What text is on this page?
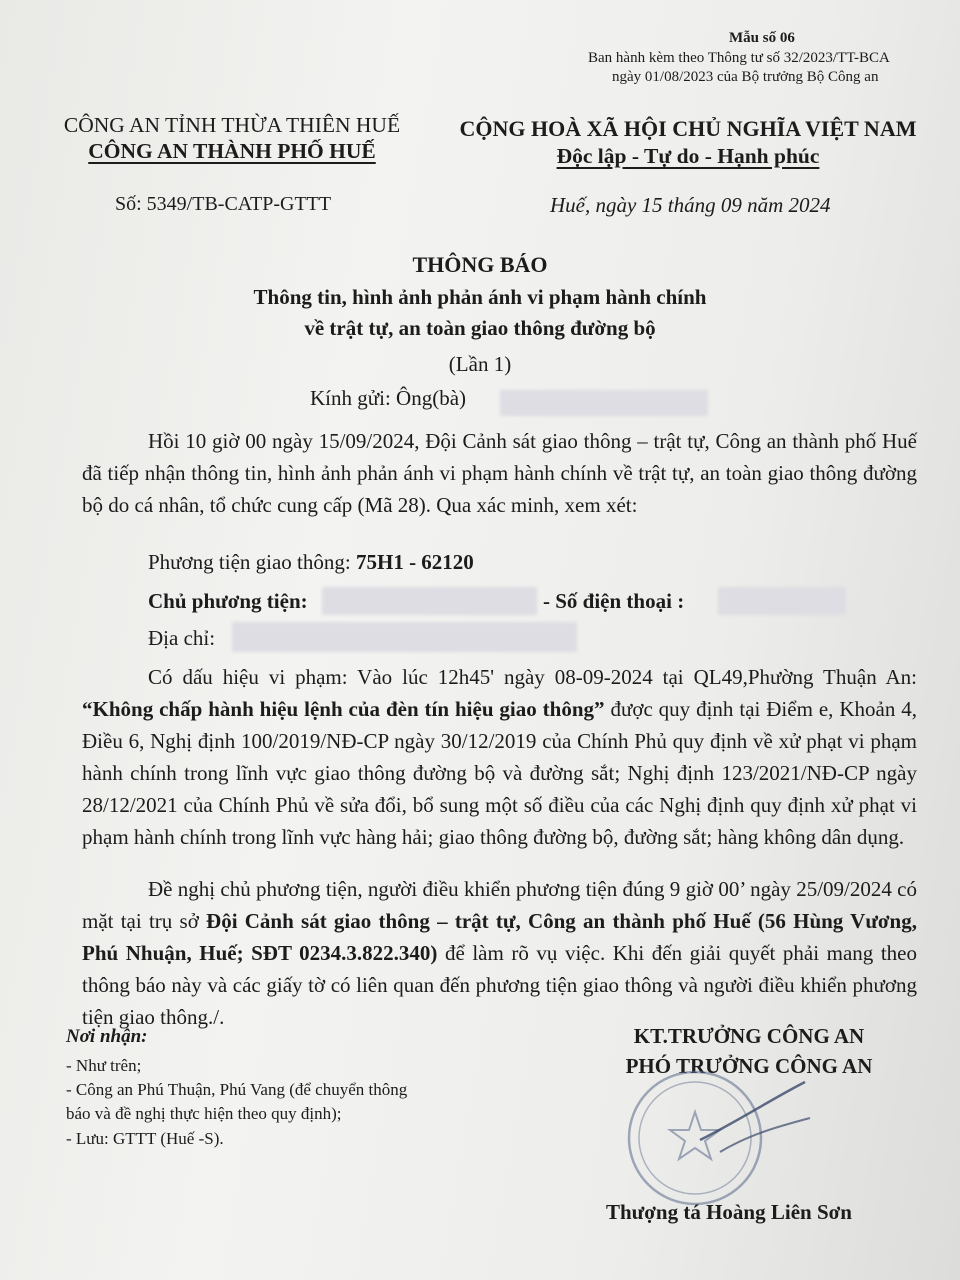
Mẫu số 06
Ban hành kèm theo Thông tư số 32/2023/TT-BCA
ngày 01/08/2023 của Bộ trưởng Bộ Công an
CÔNG AN TỈNH THỪA THIÊN HUẾ
CÔNG AN THÀNH PHỐ HUẾ
Số: 5349/TB-CATP-GTTT
CỘNG HOÀ XÃ HỘI CHỦ NGHĨA VIỆT NAM
Độc lập - Tự do - Hạnh phúc
Huế, ngày 15 tháng 09 năm 2024
THÔNG BÁO
Thông tin, hình ảnh phản ánh vi phạm hành chính
về trật tự, an toàn giao thông đường bộ
(Lần 1)
Kính gửi: Ông(bà)
Hồi 10 giờ 00 ngày 15/09/2024, Đội Cảnh sát giao thông – trật tự, Công an thành phố Huế đã tiếp nhận thông tin, hình ảnh phản ánh vi phạm hành chính về trật tự, an toàn giao thông đường bộ do cá nhân, tổ chức cung cấp (Mã 28). Qua xác minh, xem xét:
Phương tiện giao thông: 75H1 - 62120
Chủ phương tiện:	- Số điện thoại :
Địa chỉ:
Có dấu hiệu vi phạm: Vào lúc 12h45' ngày 08-09-2024 tại QL49,Phường Thuận An: “Không chấp hành hiệu lệnh của đèn tín hiệu giao thông” được quy định tại Điểm e, Khoản 4, Điều 6, Nghị định 100/2019/NĐ-CP ngày 30/12/2019 của Chính Phủ quy định về xử phạt vi phạm hành chính trong lĩnh vực giao thông đường bộ và đường sắt; Nghị định 123/2021/NĐ-CP ngày 28/12/2021 của Chính Phủ về sửa đổi, bổ sung một số điều của các Nghị định quy định xử phạt vi phạm hành chính trong lĩnh vực hàng hải; giao thông đường bộ, đường sắt; hàng không dân dụng.
Đề nghị chủ phương tiện, người điều khiển phương tiện đúng 9 giờ 00’ ngày 25/09/2024 có mặt tại trụ sở Đội Cảnh sát giao thông – trật tự, Công an thành phố Huế (56 Hùng Vương, Phú Nhuận, Huế; SĐT 0234.3.822.340) để làm rõ vụ việc. Khi đến giải quyết phải mang theo thông báo này và các giấy tờ có liên quan đến phương tiện giao thông và người điều khiển phương tiện giao thông./.
Nơi nhận:
- Như trên;
- Công an Phú Thuận, Phú Vang (để chuyển thông
báo và đề nghị thực hiện theo quy định);
- Lưu: GTTT (Huế -S).
KT.TRƯỞNG CÔNG AN
PHÓ TRƯỞNG CÔNG AN
Thượng tá Hoàng Liên Sơn
